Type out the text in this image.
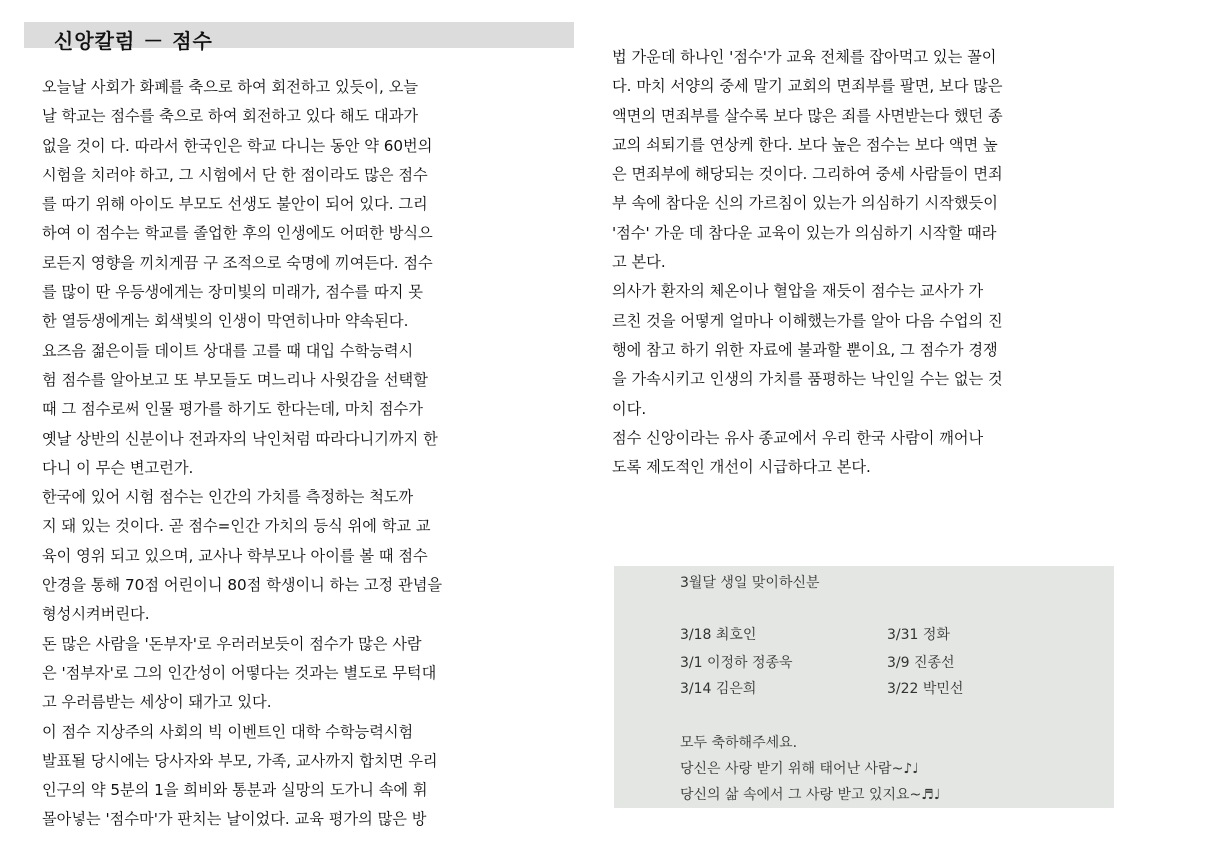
신앙칼럼 － 점수
오늘날 사회가 화폐를 축으로 하여 회전하고 있듯이, 오늘
날 학교는 점수를 축으로 하여 회전하고 있다 해도 대과가
없을 것이 다. 따라서 한국인은 학교 다니는 동안 약 60번의
시험을 치러야 하고, 그 시험에서 단 한 점이라도 많은 점수
를 따기 위해 아이도 부모도 선생도 불안이 되어 있다. 그리
하여 이 점수는 학교를 졸업한 후의 인생에도 어떠한 방식으
로든지 영향을 끼치게끔 구 조적으로 숙명에 끼여든다. 점수
를 많이 딴 우등생에게는 장미빛의 미래가, 점수를 따지 못
한 열등생에게는 회색빛의 인생이 막연히나마 약속된다.
요즈음 젊은이들 데이트 상대를 고를 때 대입 수학능력시
험 점수를 알아보고 또 부모들도 며느리나 사윗감을 선택할
때 그 점수로써 인물 평가를 하기도 한다는데, 마치 점수가
옛날 상반의 신분이나 전과자의 낙인처럼 따라다니기까지 한
다니 이 무슨 변고런가.
한국에 있어 시험 점수는 인간의 가치를 측정하는 척도까
지 돼 있는 것이다. 곧 점수=인간 가치의 등식 위에 학교 교
육이 영위 되고 있으며, 교사나 학부모나 아이를 볼 때 점수
안경을 통해 70점 어린이니 80점 학생이니 하는 고정 관념을
형성시켜버린다.
돈 많은 사람을 '돈부자'로 우러러보듯이 점수가 많은 사람
은 '점부자'로 그의 인간성이 어떻다는 것과는 별도로 무턱대
고 우러름받는 세상이 돼가고 있다.
이 점수 지상주의 사회의 빅 이벤트인 대학 수학능력시험
발표될 당시에는 당사자와 부모, 가족, 교사까지 합치면 우리
인구의 약 5분의 1을 희비와 통분과 실망의 도가니 속에 휘
몰아넣는 '점수마'가 판치는 날이었다. 교육 평가의 많은 방
법 가운데 하나인 '점수'가 교육 전체를 잡아먹고 있는 꼴이
다. 마치 서양의 중세 말기 교회의 면죄부를 팔면, 보다 많은
액면의 면죄부를 살수록 보다 많은 죄를 사면받는다 했던 종
교의 쇠퇴기를 연상케 한다. 보다 높은 점수는 보다 액면 높
은 면죄부에 해당되는 것이다. 그리하여 중세 사람들이 면죄
부 속에 참다운 신의 가르침이 있는가 의심하기 시작했듯이
'점수' 가운 데 참다운 교육이 있는가 의심하기 시작할 때라
고 본다.
의사가 환자의 체온이나 혈압을 재듯이 점수는 교사가 가
르친 것을 어떻게 얼마나 이해했는가를 알아 다음 수업의 진
행에 참고 하기 위한 자료에 불과할 뿐이요, 그 점수가 경쟁
을 가속시키고 인생의 가치를 품평하는 낙인일 수는 없는 것
이다.
점수 신앙이라는 유사 종교에서 우리 한국 사람이 깨어나
도록 제도적인 개선이 시급하다고 본다.
3월달 생일 맞이하신분
3/18 최호인
3/1 이정하 정종욱
3/14 김은희
3/31 정화
3/9 진종선
3/22 박민선
모두 축하해주세요.
당신은 사랑 받기 위해 태어난 사람~♪♩
당신의 삶 속에서 그 사랑 받고 있지요~♬♩
